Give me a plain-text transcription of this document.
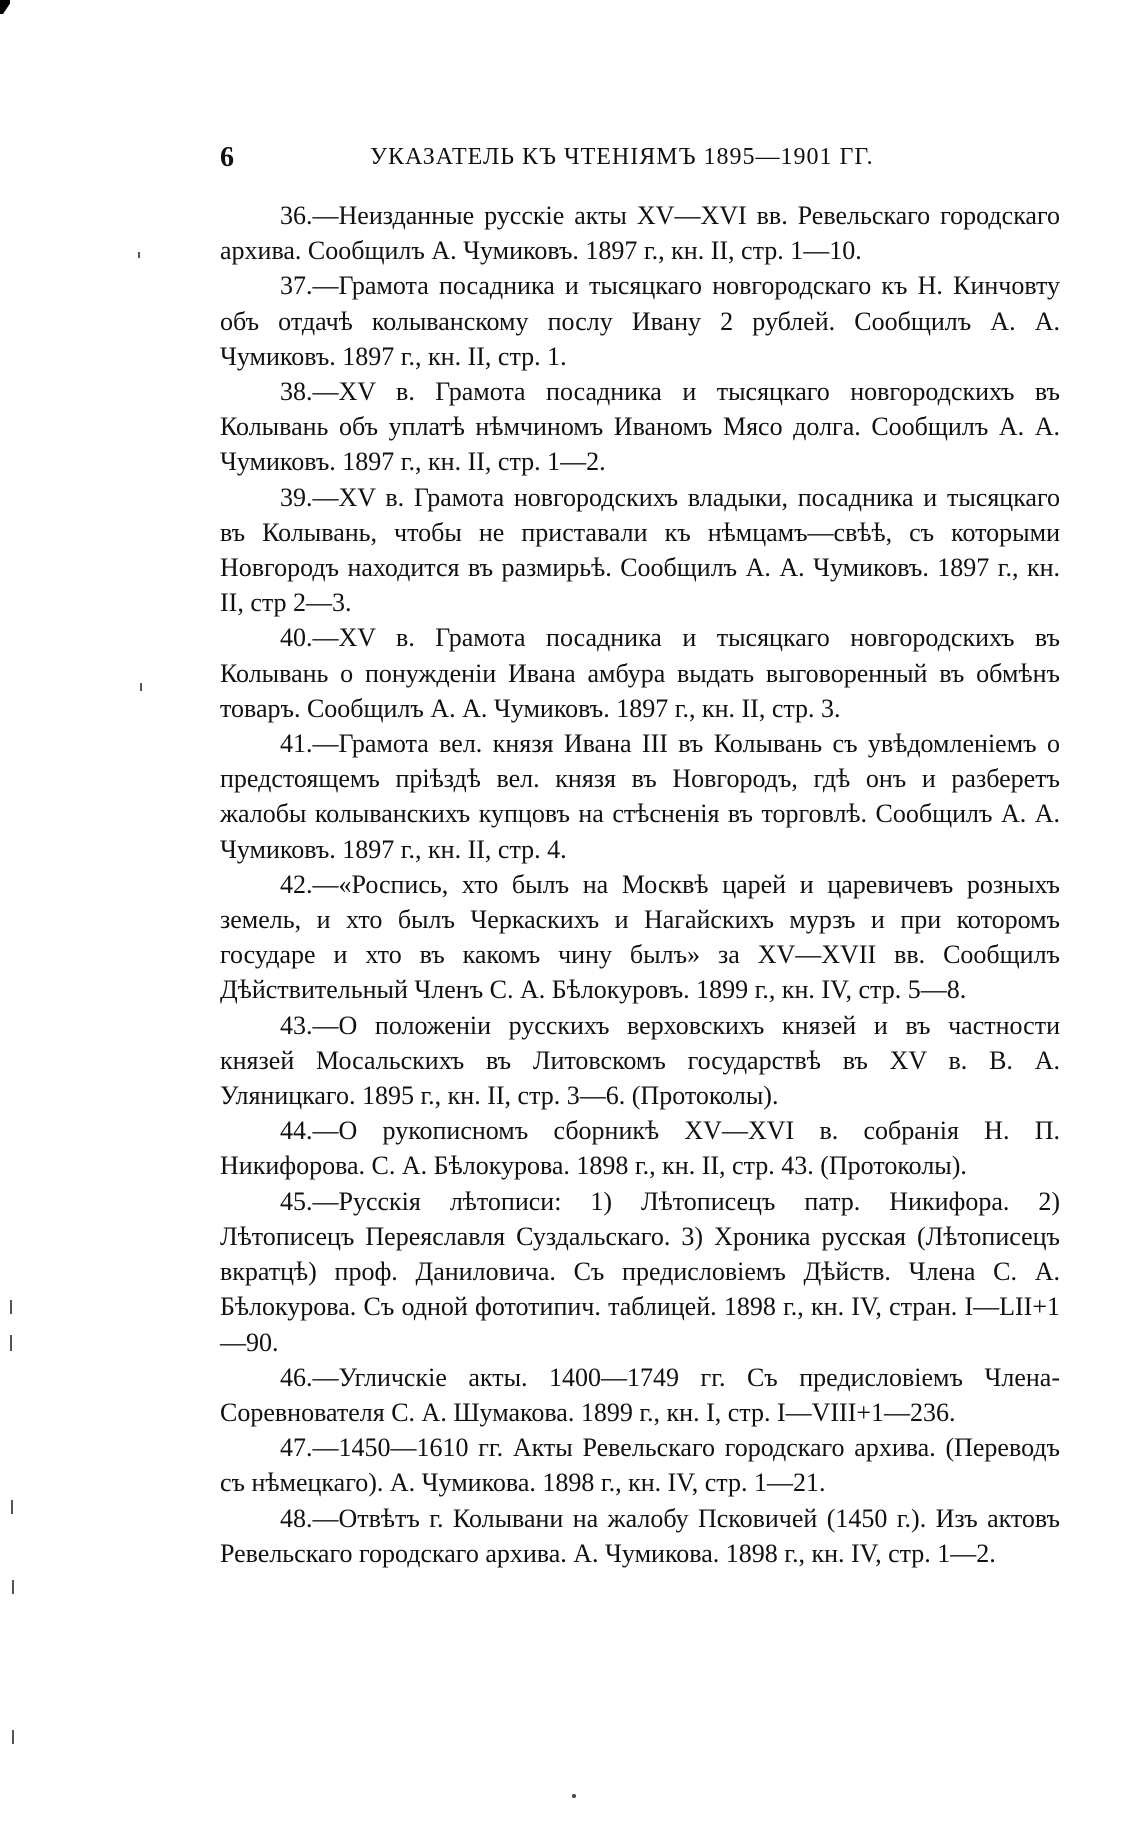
6	УКАЗАТЕЛЬ КЪ ЧТЕНІЯМЪ 1895—1901 ГГ.

36.—Неизданные русскіе акты XV—XVI вв. Ревельскаго городскаго архива. Сообщилъ А. Чумиковъ. 1897 г., кн. II, стр. 1—10.

37.—Грамота посадника и тысяцкаго новгородскаго къ Н. Кинчовту объ отдачѣ колыванскому послу Ивану 2 рублей. Сообщилъ А. А. Чумиковъ. 1897 г., кн. II, стр. 1.

38.—XV в. Грамота посадника и тысяцкаго новгородскихъ въ Колывань объ уплатѣ нѣмчиномъ Иваномъ Мясо долга. Сообщилъ А. А. Чумиковъ. 1897 г., кн. II, стр. 1—2.

39.—XV в. Грамота новгородскихъ владыки, посадника и тысяцкаго въ Колывань, чтобы не приставали къ нѣмцамъ—свѣѣ, съ которыми Новгородъ находится въ размирьѣ. Сообщилъ А. А. Чумиковъ. 1897 г., кн. II, стр 2—3.

40.—XV в. Грамота посадника и тысяцкаго новгородскихъ въ Колывань о понужденіи Ивана амбура выдать выговоренный въ обмѣнъ товаръ. Сообщилъ А. А. Чумиковъ. 1897 г., кн. II, стр. 3.

41.—Грамота вел. князя Ивана III въ Колывань съ увѣдомленіемъ о предстоящемъ пріѣздѣ вел. князя въ Новгородъ, гдѣ онъ и разберетъ жалобы колыванскихъ купцовъ на стѣсненія въ торговлѣ. Сообщилъ А. А. Чумиковъ. 1897 г., кн. II, стр. 4.

42.—«Роспись, хто былъ на Москвѣ царей и царевичевъ розныхъ земель, и хто былъ Черкаскихъ и Нагайскихъ мурзъ и при которомъ государе и хто въ какомъ чину былъ» за XV—XVII вв. Сообщилъ Дѣйствительный Членъ С. А. Бѣлокуровъ. 1899 г., кн. IV, стр. 5—8.

43.—О положеніи русскихъ верховскихъ князей и въ частности князей Мосальскихъ въ Литовскомъ государствѣ въ XV в. В. А. Уляницкаго. 1895 г., кн. II, стр. 3—6. (Протоколы).

44.—О рукописномъ сборникѣ XV—XVI в. собранія Н. П. Никифорова. С. А. Бѣлокурова. 1898 г., кн. II, стр. 43. (Протоколы).

45.—Русскія лѣтописи: 1) Лѣтописецъ патр. Никифора. 2) Лѣтописецъ Переяславля Суздальскаго. 3) Хроника русская (Лѣтописецъ вкратцѣ) проф. Даниловича. Съ предисловіемъ Дѣйств. Члена С. А. Бѣлокурова. Съ одной фототипич. таблицей. 1898 г., кн. IV, стран. I—LII+1—90.

46.—Угличскіе акты. 1400—1749 гг. Съ предисловіемъ Члена-Соревнователя С. А. Шумакова. 1899 г., кн. I, стр. I—VIII+1—236.

47.—1450—1610 гг. Акты Ревельскаго городскаго архива. (Переводъ съ нѣмецкаго). А. Чумикова. 1898 г., кн. IV, стр. 1—21.

48.—Отвѣтъ г. Колывани на жалобу Псковичей (1450 г.). Изъ актовъ Ревельскаго городскаго архива. А. Чумикова. 1898 г., кн. IV, стр. 1—2.
